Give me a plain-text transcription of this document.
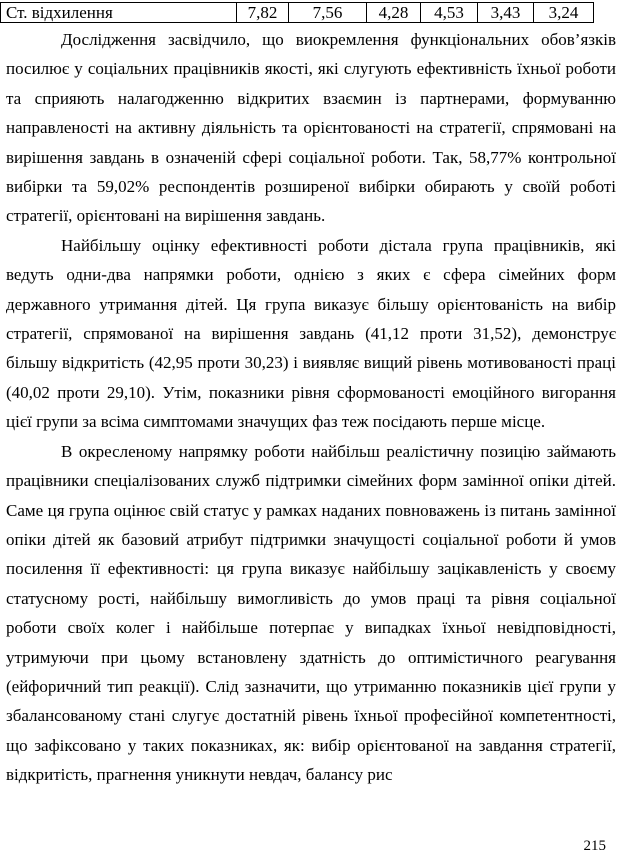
Ст. відхилення	7,82	7,56	4,28	4,53	3,43	3,24

Дослідження засвідчило, що виокремлення функціональних обов’язків посилює у соціальних працівників якості, які слугують ефективність їхньої роботи та сприяють налагодженню відкритих взаємин із партнерами, формуванню направленості на активну діяльність та орієнтованості на стратегії, спрямовані на вирішення завдань в означеній сфері соціальної роботи. Так, 58,77% контрольної вибірки та 59,02% респондентів розширеної вибірки обирають у своїй роботі стратегії, орієнтовані на вирішення завдань.

Найбільшу оцінку ефективності роботи дістала група працівників, які ведуть одни-два напрямки роботи, однією з яких є сфера сімейних форм державного утримання дітей. Ця група виказує більшу орієнтованість на вибір стратегії, спрямованої на вирішення завдань (41,12 проти 31,52), демонструє більшу відкритість (42,95 проти 30,23) і виявляє вищий рівень мотивованості праці (40,02 проти 29,10). Утім, показники рівня сформованості емоційного вигорання цієї групи за всіма симптомами значущих фаз теж посідають перше місце.

В окресленому напрямку роботи найбільш реалістичну позицію займають працівники спеціалізованих служб підтримки сімейних форм замінної опіки дітей. Саме ця група оцінює свій статус у рамках наданих повноважень із питань замінної опіки дітей як базовий атрибут підтримки значущості соціальної роботи й умов посилення її ефективності: ця група виказує найбільшу зацікавленість у своєму статусному рості, найбільшу вимогливість до умов праці та рівня соціальної роботи своїх колег і найбільше потерпає у випадках їхньої невідповідності, утримуючи при цьому встановлену здатність до оптимістичного реагування (ейфоричний тип реакції). Слід зазначити, що утриманню показників цієї групи у збалансованому стані слугує достатній рівень їхньої професійної компетентності, що зафіксовано у таких показниках, як: вибір орієнтованої на завдання стратегії, відкритість, прагнення уникнути невдач, балансу рис

215
